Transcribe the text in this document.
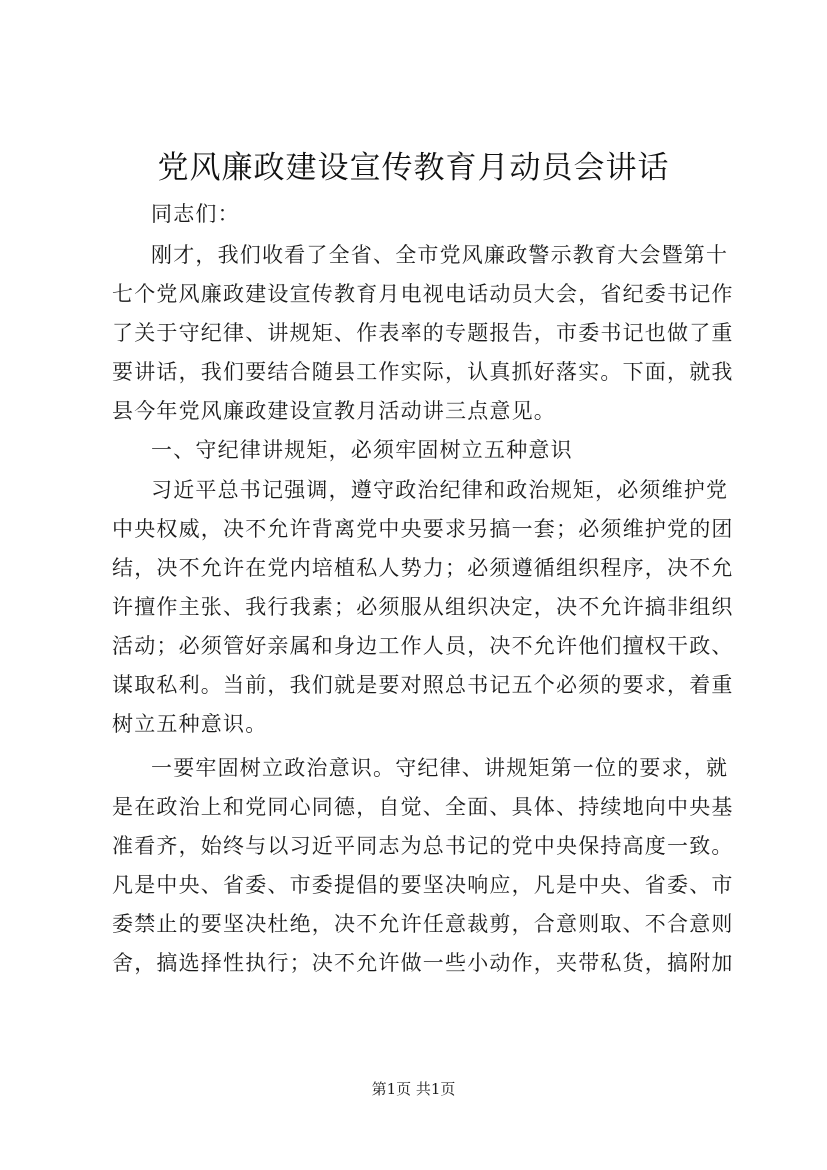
党风廉政建设宣传教育月动员会讲话
同志们：
刚才，我们收看了全省、全市党风廉政警示教育大会暨第十
七个党风廉政建设宣传教育月电视电话动员大会，省纪委书记作
了关于守纪律、讲规矩、作表率的专题报告，市委书记也做了重
要讲话，我们要结合随县工作实际，认真抓好落实。下面，就我
县今年党风廉政建设宣教月活动讲三点意见。
一、守纪律讲规矩，必须牢固树立五种意识
习近平总书记强调，遵守政治纪律和政治规矩，必须维护党
中央权威，决不允许背离党中央要求另搞一套；必须维护党的团
结，决不允许在党内培植私人势力；必须遵循组织程序，决不允
许擅作主张、我行我素；必须服从组织决定，决不允许搞非组织
活动；必须管好亲属和身边工作人员，决不允许他们擅权干政、
谋取私利。当前，我们就是要对照总书记五个必须的要求，着重
树立五种意识。
一要牢固树立政治意识。守纪律、讲规矩第一位的要求，就
是在政治上和党同心同德，自觉、全面、具体、持续地向中央基
准看齐，始终与以习近平同志为总书记的党中央保持高度一致。
凡是中央、省委、市委提倡的要坚决响应，凡是中央、省委、市
委禁止的要坚决杜绝，决不允许任意裁剪，合意则取、不合意则
舍，搞选择性执行；决不允许做一些小动作，夹带私货，搞附加
第1页 共1页
